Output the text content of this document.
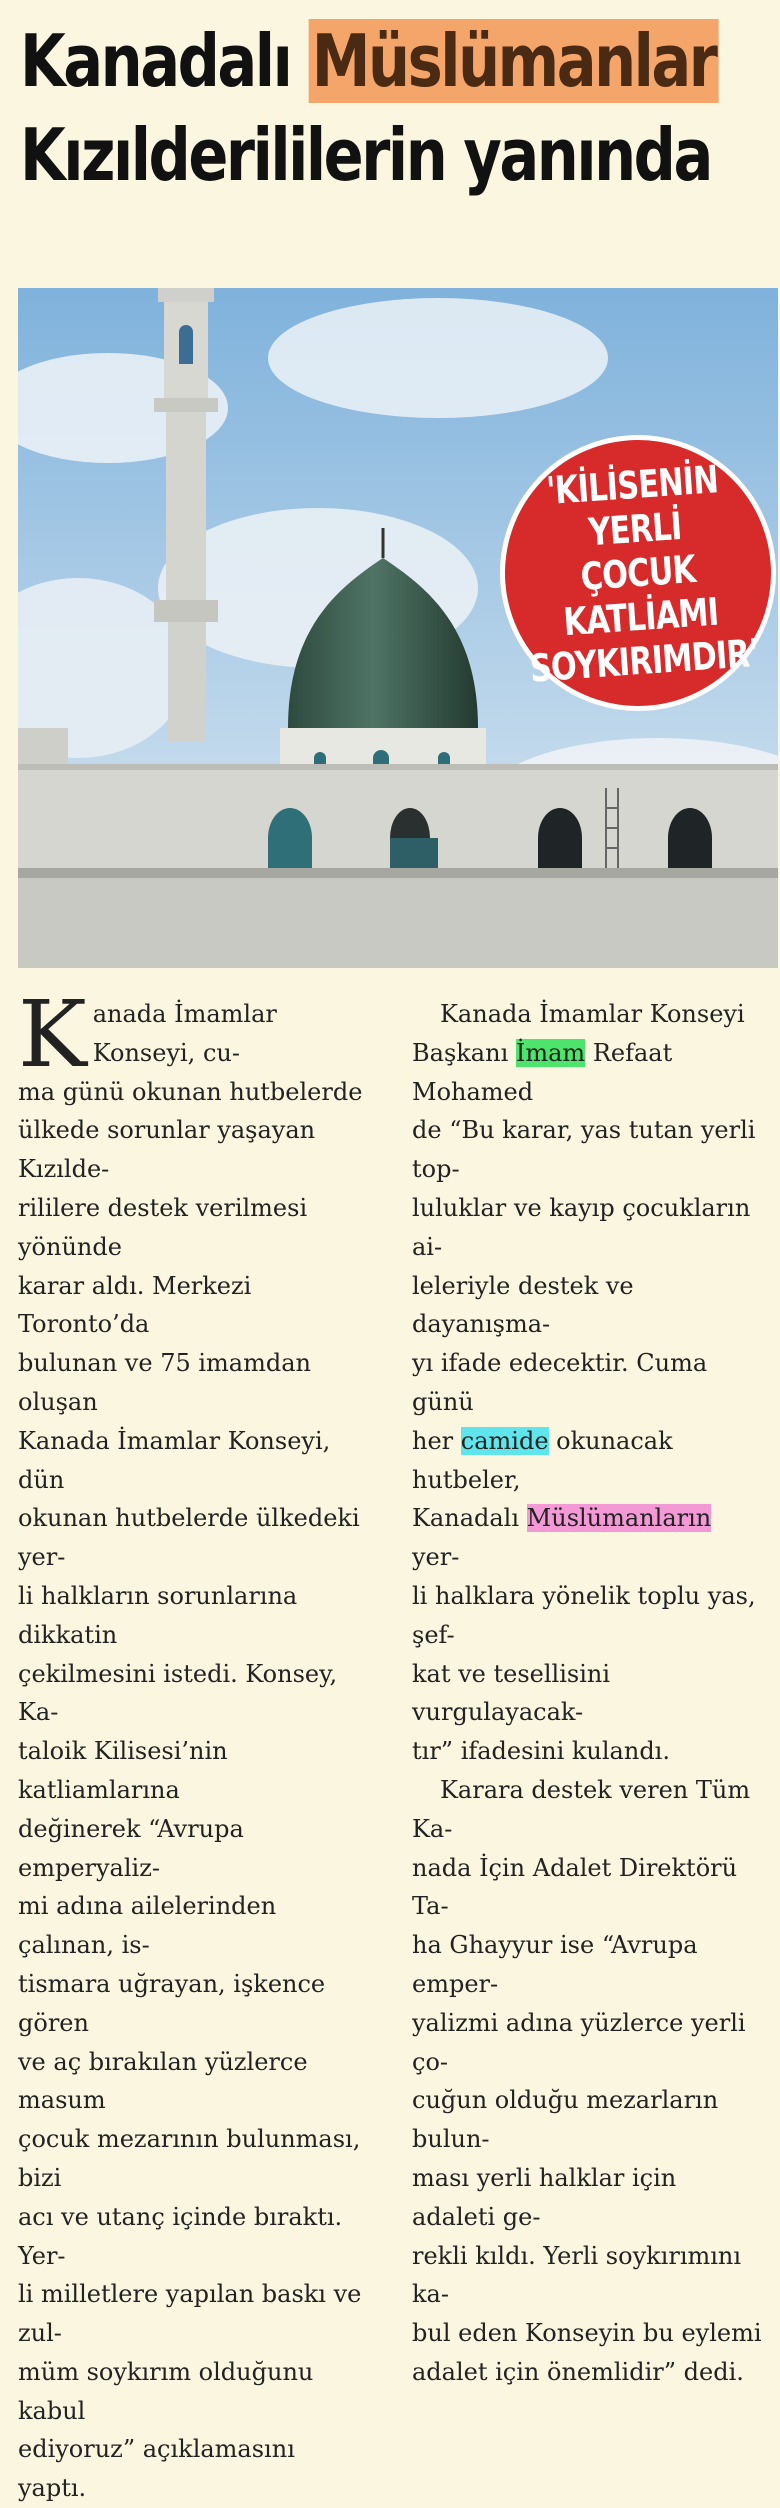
Kanadalı Müslümanlar
Kızılderililerin yanında
'KİLİSENİN
YERLİ ÇOCUK
KATLİAMI
SOYKIRIMDIR'

K anada İmamlar Konseyi, cu-
ma günü okunan hutbelerde
ülkede sorunlar yaşayan Kızılde-
rililere destek verilmesi yönünde
karar aldı. Merkezi Toronto’da
bulunan ve 75 imamdan oluşan
Kanada İmamlar Konseyi, dün
okunan hutbelerde ülkedeki yer-
li halkların sorunlarına dikkatin
çekilmesini istedi. Konsey, Ka-
taloik Kilisesi’nin katliamlarına
değinerek “Avrupa emperyaliz-
mi adına ailelerinden çalınan, is-
tismara uğrayan, işkence gören
ve aç bırakılan yüzlerce masum
çocuk mezarının bulunması, bizi
acı ve utanç içinde bıraktı. Yer-
li milletlere yapılan baskı ve zul-
müm soykırım olduğunu kabul
ediyoruz” açıklamasını yaptı.

Kanada İmamlar Konseyi
Başkanı İmam Refaat Mohamed
de “Bu karar, yas tutan yerli top-
luluklar ve kayıp çocukların ai-
leleriyle destek ve dayanışma-
yı ifade edecektir. Cuma günü
her camide okunacak hutbeler,
Kanadalı Müslümanların yer-
li halklara yönelik toplu yas, şef-
kat ve tesellisini vurgulayacak-
tır” ifadesini kulandı.

Karara destek veren Tüm Ka-
nada İçin Adalet Direktörü Ta-
ha Ghayyur ise “Avrupa emper-
yalizmi adına yüzlerce yerli ço-
cuğun olduğu mezarların bulun-
ması yerli halklar için adaleti ge-
rekli kıldı. Yerli soykırımını ka-
bul eden Konseyin bu eylemi
adalet için önemlidir” dedi.
